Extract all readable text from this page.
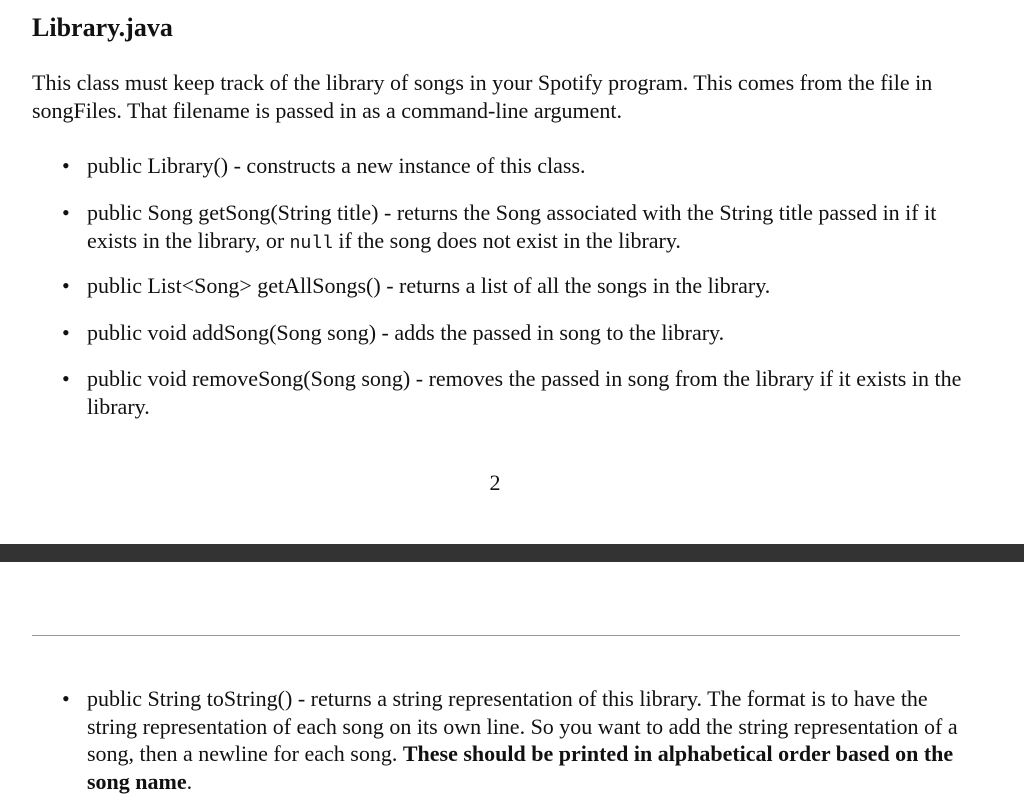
Library.java

This class must keep track of the library of songs in your Spotify program. This comes from the file in songFiles. That filename is passed in as a command-line argument.

• public Library() - constructs a new instance of this class.
• public Song getSong(String title) - returns the Song associated with the String title passed in if it exists in the library, or null if the song does not exist in the library.
• public List<Song> getAllSongs() - returns a list of all the songs in the library.
• public void addSong(Song song) - adds the passed in song to the library.
• public void removeSong(Song song) - removes the passed in song from the library if it exists in the library.
2
• public String toString() - returns a string representation of this library. The format is to have the string representation of each song on its own line. So you want to add the string representation of a song, then a newline for each song. These should be printed in alphabetical order based on the song name.
